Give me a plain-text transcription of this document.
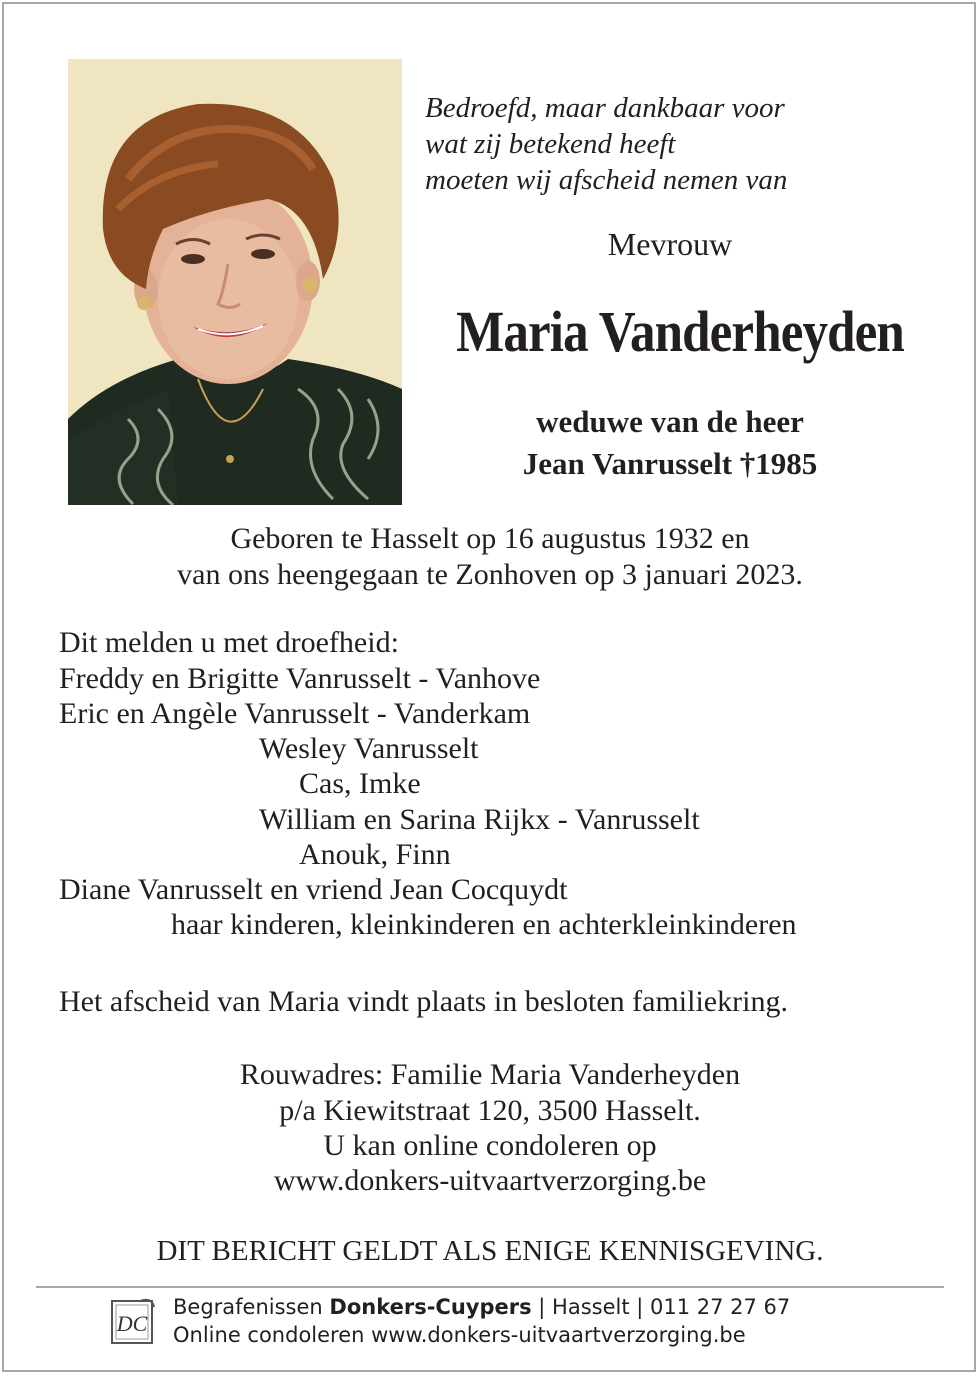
Bedroefd, maar dankbaar voor
wat zij betekend heeft
moeten wij afscheid nemen van
Mevrouw
Maria Vanderheyden
weduwe van de heer
Jean Vanrusselt †1985
Geboren te Hasselt op 16 augustus 1932 en
van ons heengegaan te Zonhoven op 3 januari 2023.
Dit melden u met droefheid:
Freddy en Brigitte Vanrusselt - Vanhove
Eric en Angèle Vanrusselt - Vanderkam
Wesley Vanrusselt
Cas, Imke
William en Sarina Rijkx - Vanrusselt
Anouk, Finn
Diane Vanrusselt en vriend Jean Cocquydt
haar kinderen, kleinkinderen en achterkleinkinderen
Het afscheid van Maria vindt plaats in besloten familiekring.
Rouwadres: Familie Maria Vanderheyden
p/a Kiewitstraat 120, 3500 Hasselt.
U kan online condoleren op
www.donkers-uitvaartverzorging.be
DIT BERICHT GELDT ALS ENIGE KENNISGEVING.
DC
Begrafenissen Donkers-Cuypers | Hasselt | 011 27 27 67
Online condoleren www.donkers-uitvaartverzorging.be
